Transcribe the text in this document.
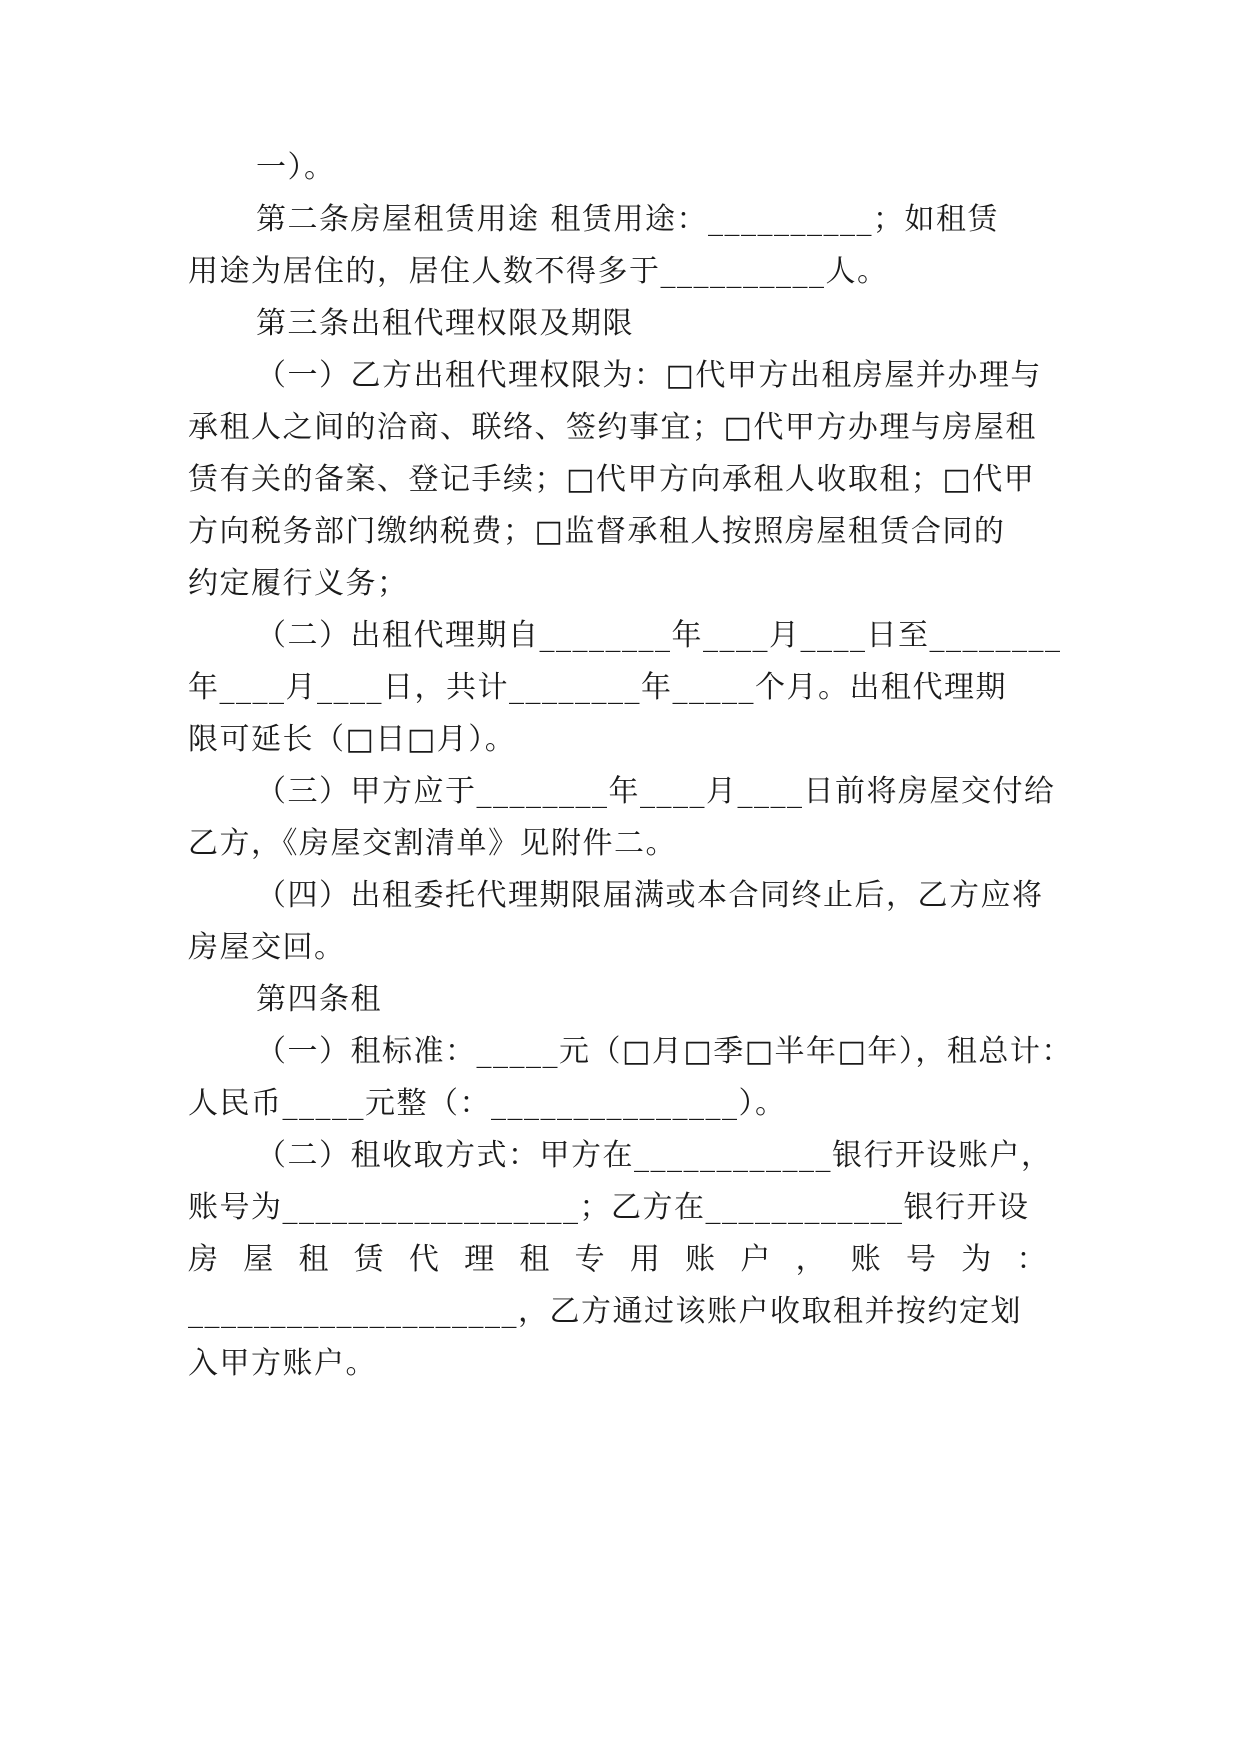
一）。
第二条房屋租赁用途 租赁用途：__________；如租赁
用途为居住的，居住人数不得多于__________人。
第三条出租代理权限及期限
（一）乙方出租代理权限为：□代甲方出租房屋并办理与
承租人之间的洽商、联络、签约事宜；□代甲方办理与房屋租
赁有关的备案、登记手续；□代甲方向承租人收取租；□代甲
方向税务部门缴纳税费；□监督承租人按照房屋租赁合同的
约定履行义务；
（二）出租代理期自________年____月____日至________
年____月____日，共计________年_____个月。出租代理期
限可延长（□日□月）。
（三）甲方应于________年____月____日前将房屋交付给
乙方，《房屋交割清单》见附件二。
（四）出租委托代理期限届满或本合同终止后，乙方应将
房屋交回。
第四条租
（一）租标准：_____元（□月□季□半年□年），租总计：
人民币_____元整（：_______________）。
（二）租收取方式：甲方在____________银行开设账户，
账号为__________________；乙方在____________银行开设
房 屋 租 赁 代 理 租 专 用 账 户 ， 账 号 为 ：
____________________，乙方通过该账户收取租并按约定划
入甲方账户。
